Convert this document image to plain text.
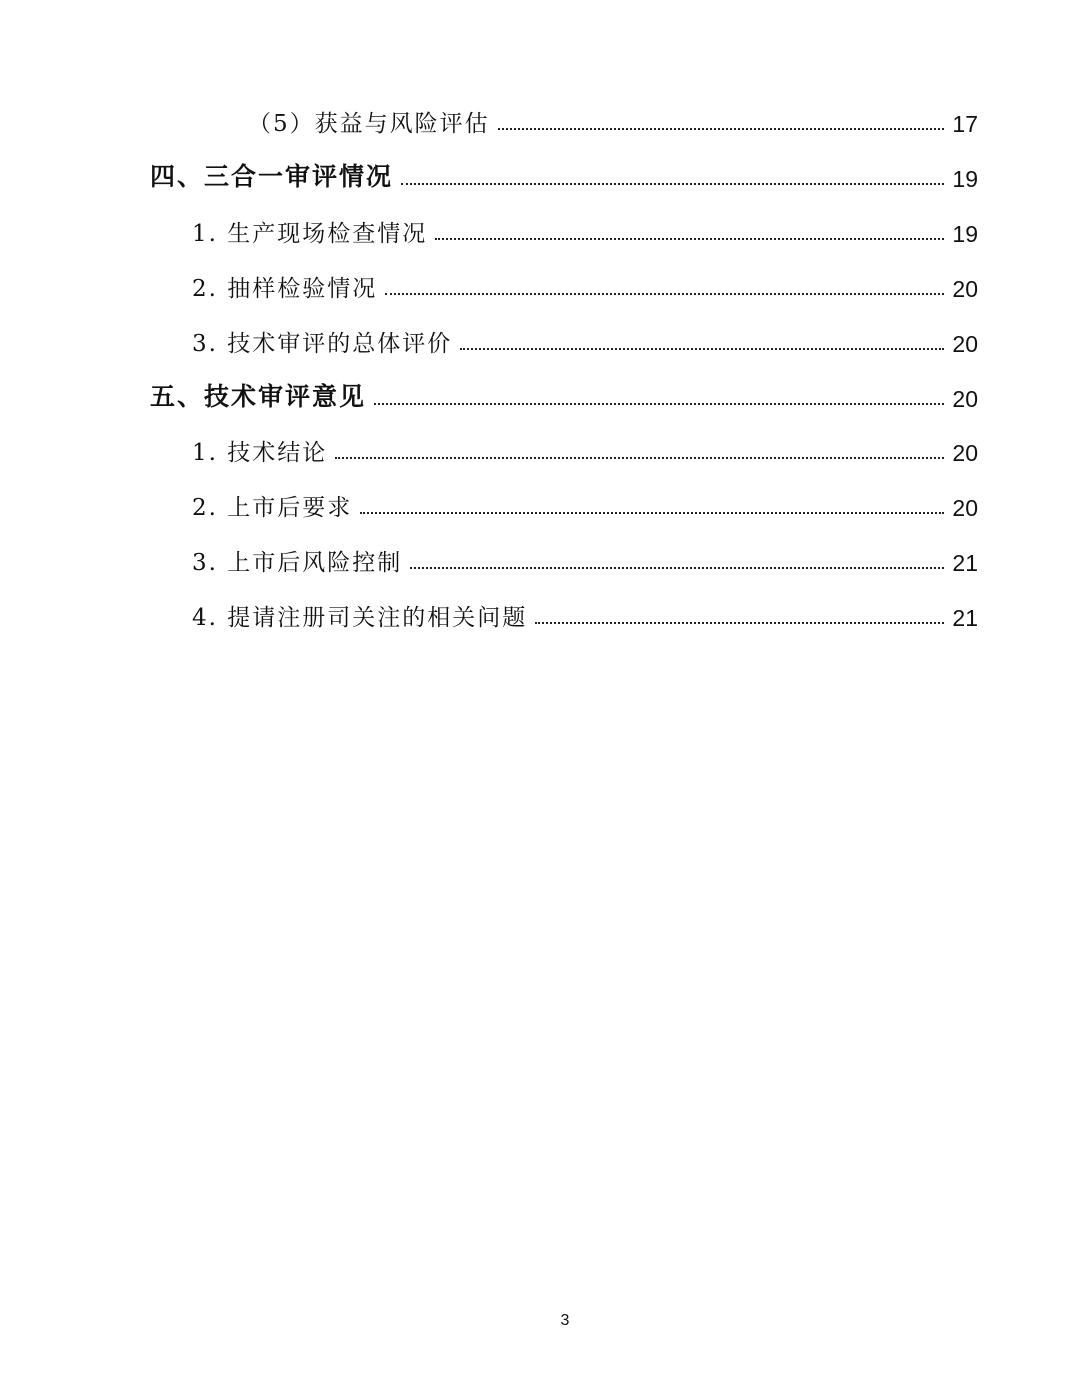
（5）获益与风险评估	17
四、三合一审评情况	19
1. 生产现场检查情况	19
2. 抽样检验情况	20
3. 技术审评的总体评价	20
五、技术审评意见	20
1. 技术结论	20
2. 上市后要求	20
3. 上市后风险控制	21
4. 提请注册司关注的相关问题	21
3
